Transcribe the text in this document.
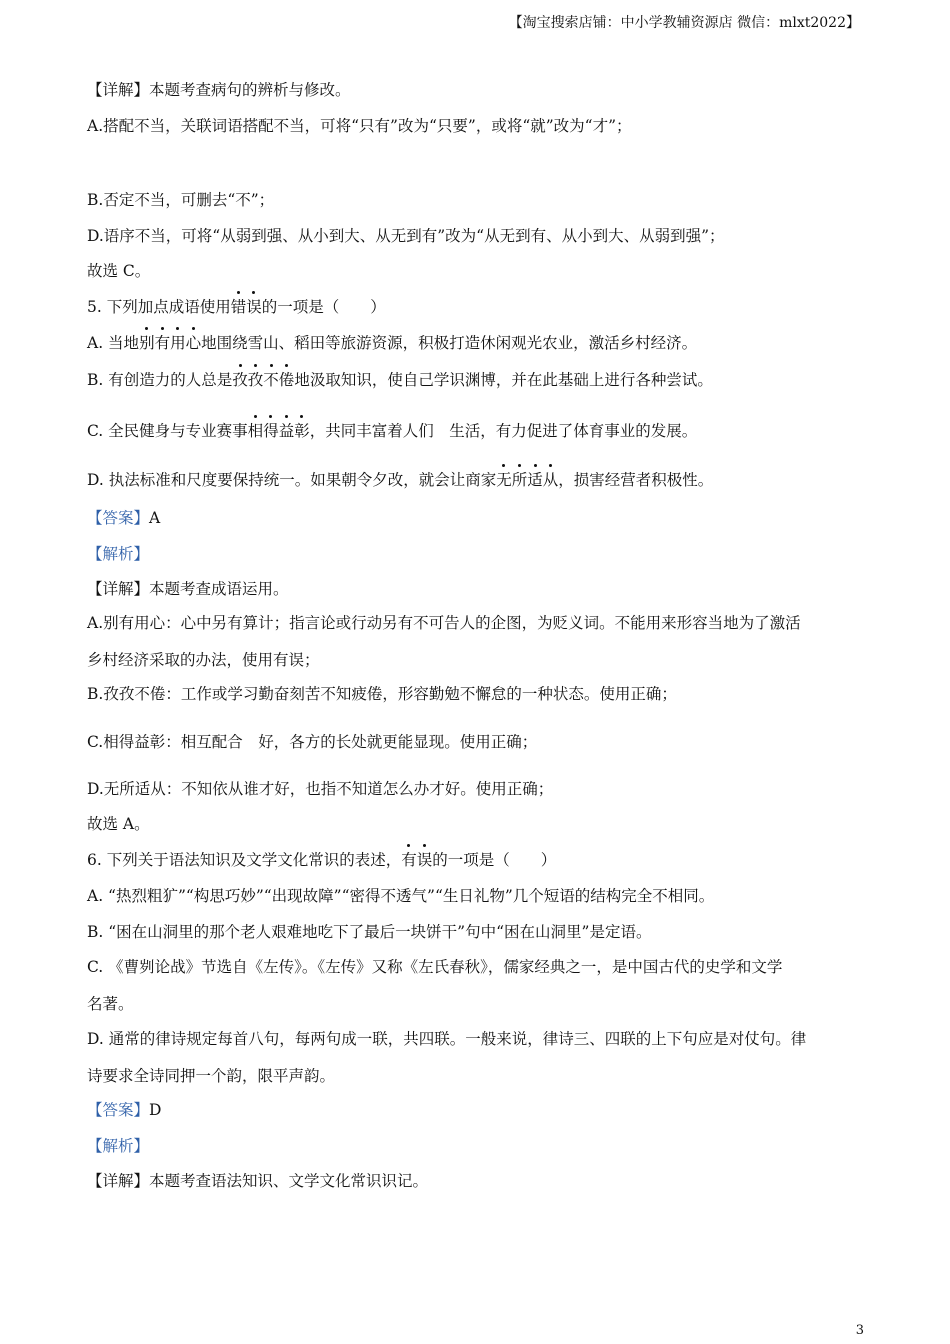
【淘宝搜索店铺：中小学教辅资源店 微信：mlxt2022】
【详解】本题考查病句的辨析与修改。
A.搭配不当，关联词语搭配不当，可将“只有”改为“只要”，或将“就”改为“才”；
B.否定不当，可删去“不”；
D.语序不当，可将“从弱到强、从小到大、从无到有”改为“从无到有、从小到大、从弱到强”；
故选 C。
5. 下列加点成语使用错误的一项是（　　）
A. 当地别有用心地围绕雪山、稻田等旅游资源，积极打造休闲观光农业，激活乡村经济。
B. 有创造力的人总是孜孜不倦地汲取知识，使自己学识渊博，并在此基础上进行各种尝试。
C. 全民健身与专业赛事相得益彰，共同丰富着人们　生活，有力促进了体育事业的发展。
D. 执法标准和尺度要保持统一。如果朝令夕改，就会让商家无所适从，损害经营者积极性。
【答案】A
【解析】
【详解】本题考查成语运用。
A.别有用心：心中另有算计；指言论或行动另有不可告人的企图，为贬义词。不能用来形容当地为了激活
乡村经济采取的办法，使用有误；
B.孜孜不倦：工作或学习勤奋刻苦不知疲倦，形容勤勉不懈怠的一种状态。使用正确；
C.相得益彰：相互配合　好，各方的长处就更能显现。使用正确；
D.无所适从：不知依从谁才好，也指不知道怎么办才好。使用正确；
故选 A。
6. 下列关于语法知识及文学文化常识的表述，有误的一项是（　　）
A. “热烈粗犷”“构思巧妙”“出现故障”“密得不透气”“生日礼物”几个短语的结构完全不相同。
B. “困在山洞里的那个老人艰难地吃下了最后一块饼干”句中“困在山洞里”是定语。
C. 《曹刿论战》节选自《左传》。《左传》又称《左氏春秋》，儒家经典之一，是中国古代的史学和文学
名著。
D. 通常的律诗规定每首八句，每两句成一联，共四联。一般来说，律诗三、四联的上下句应是对仗句。律
诗要求全诗同押一个韵，限平声韵。
【答案】D
【解析】
【详解】本题考查语法知识、文学文化常识识记。
3
